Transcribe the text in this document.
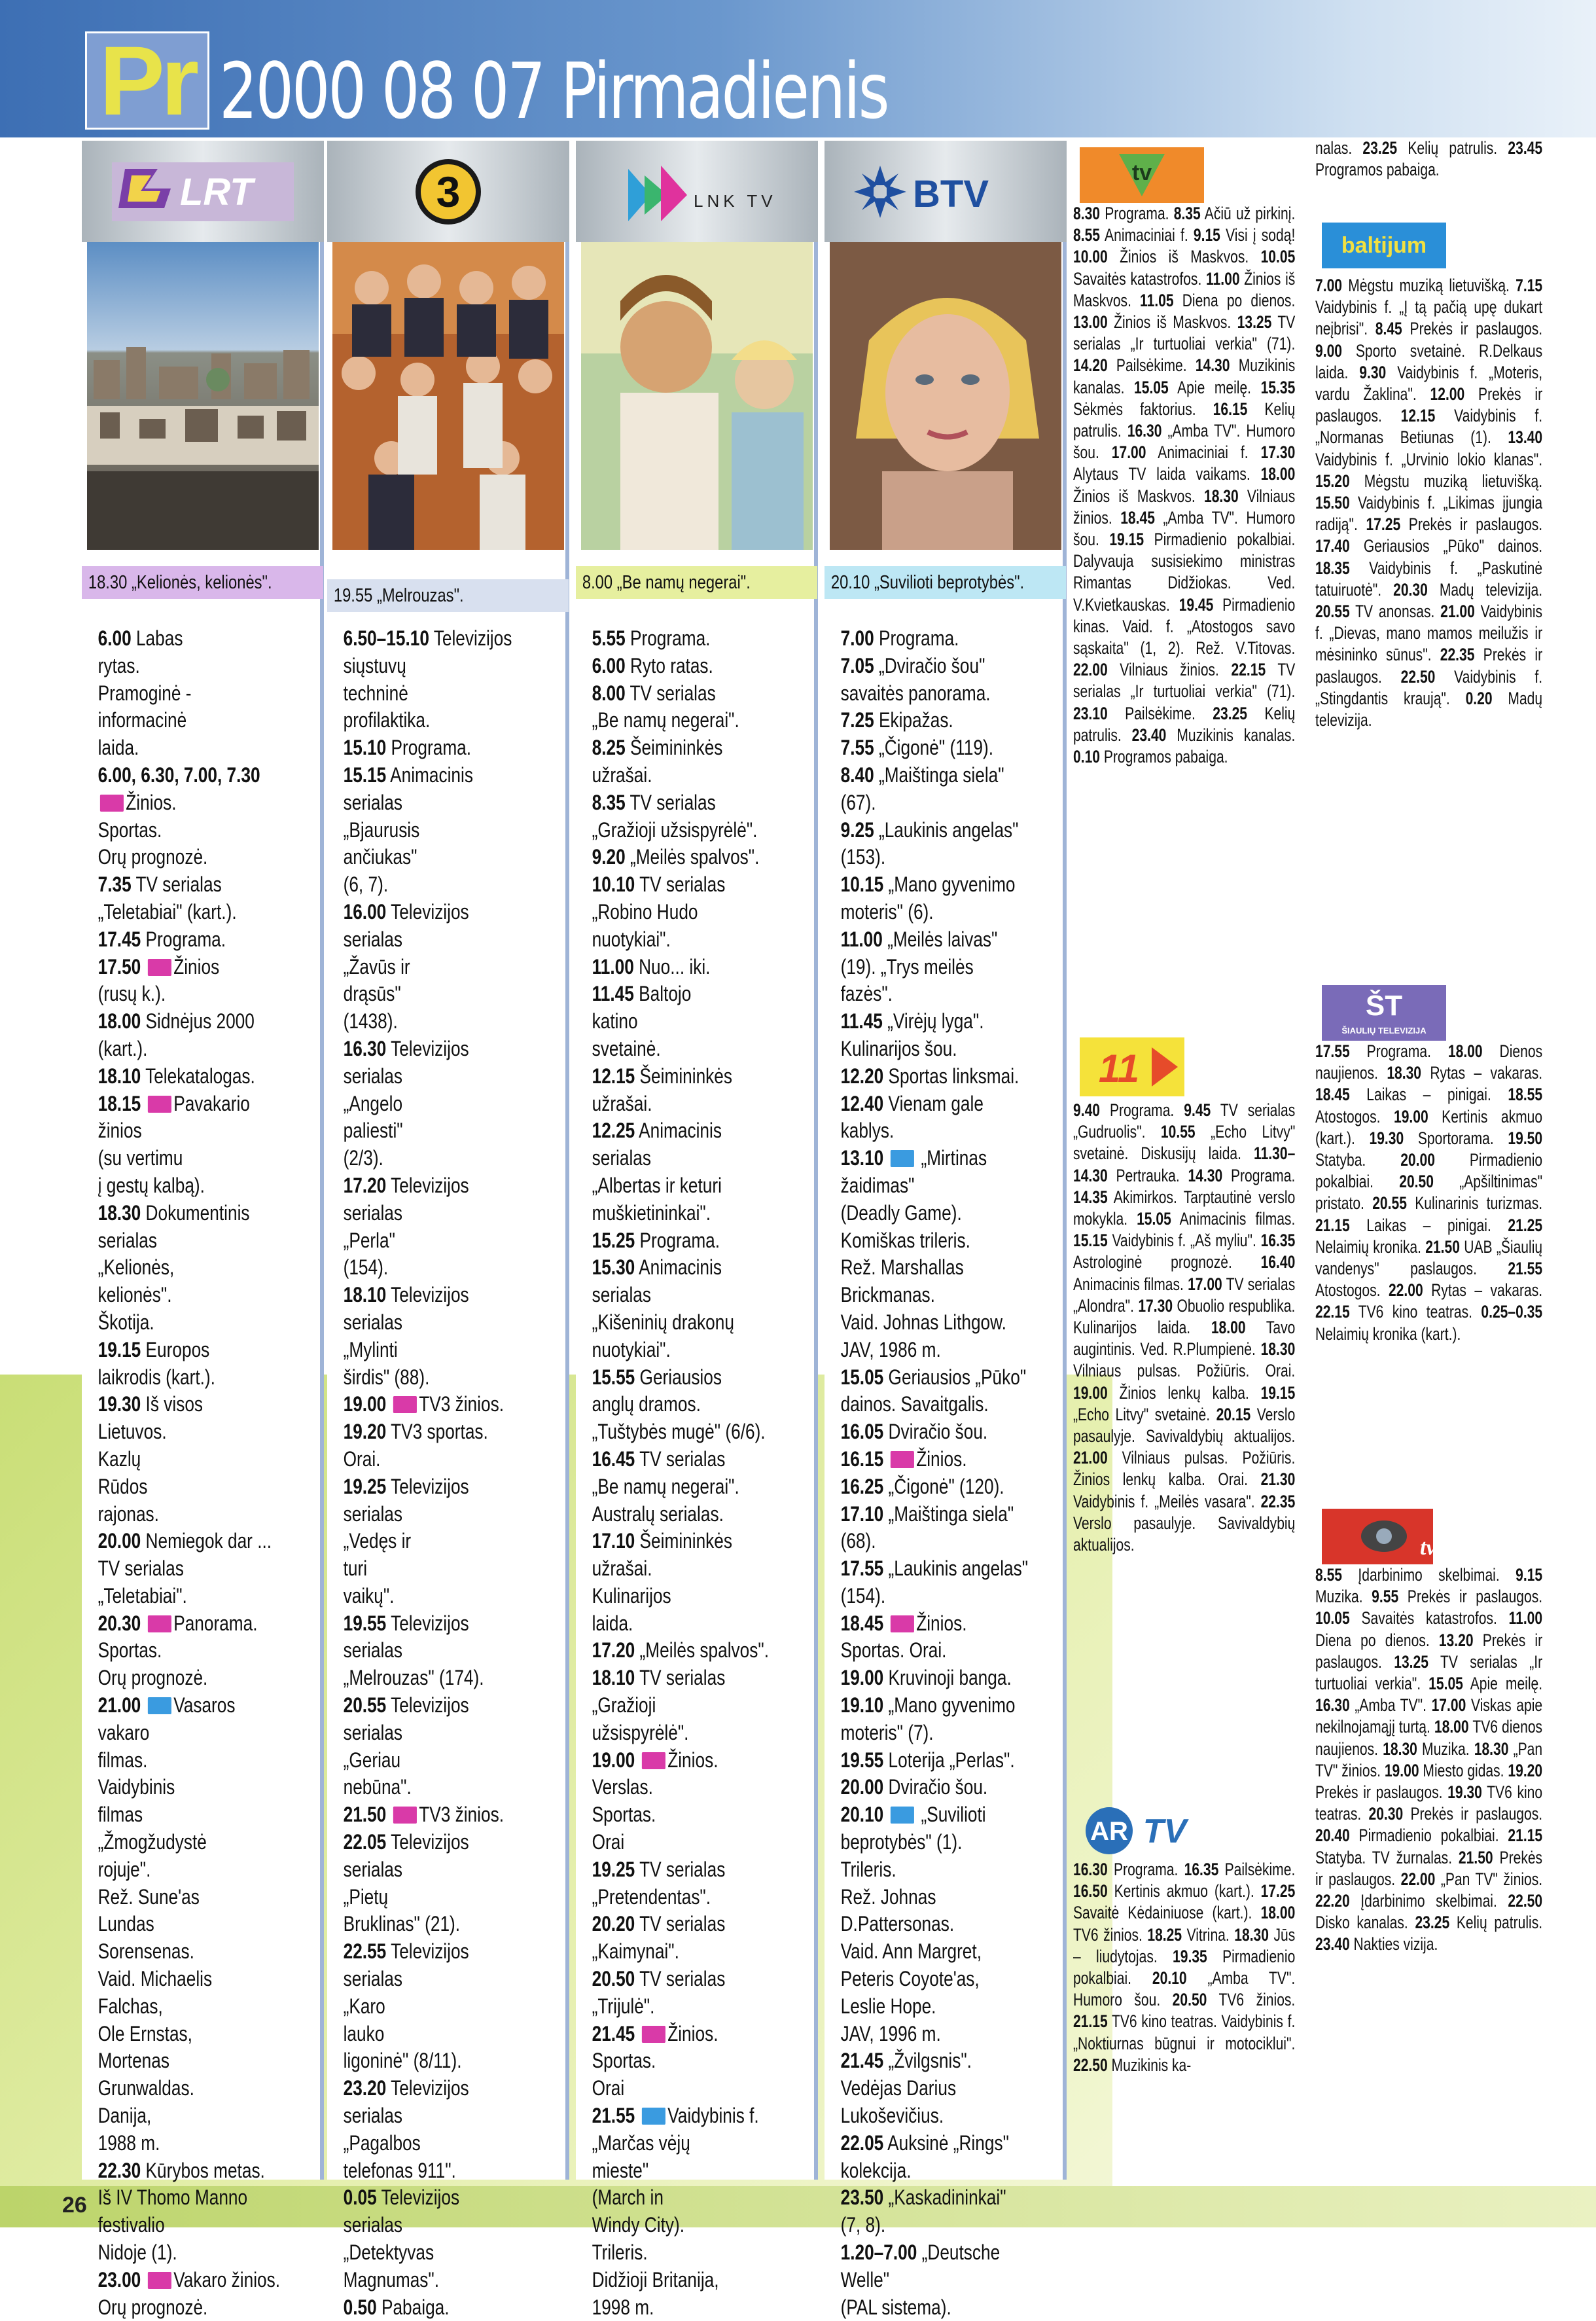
Pr 2000 08 07 Pirmadienis
LRT
18.30 „Kelionės, kelionės".
6.00 Labas
rytas.
Pramoginė -
informacinė
laida.
6.00, 6.30, 7.00, 7.30
Žinios.
Sportas.
Orų prognozė.
7.35 TV serialas
„Teletabiai" (kart.).
17.45 Programa.
17.50 Žinios
(rusų k.).
18.00 Sidnėjus 2000
(kart.).
18.10 Telekatalogas.
18.15 Pavakario
žinios
(su vertimu
į gestų kalbą).
18.30 Dokumentinis
serialas
„Kelionės,
kelionės".
Škotija.
19.15 Europos
laikrodis (kart.).
19.30 Iš visos
Lietuvos.
Kazlų
Rūdos
rajonas.
20.00 Nemiegok dar ...
TV serialas
„Teletabiai".
20.30 Panorama.
Sportas.
Orų prognozė.
21.00 Vasaros
vakaro
filmas.
Vaidybinis
filmas
„Žmogžudystė
rojuje".
Rež. Sune'as
Lundas
Sorensenas.
Vaid. Michaelis
Falchas,
Ole Ernstas,
Mortenas
Grunwaldas.
Danija,
1988 m.
22.30 Kūrybos metas.
Iš IV Thomo Manno
festivalio
Nidoje (1).
23.00 Vakaro žinios.
Orų prognozė.
3
19.55 „Melrouzas".
6.50–15.10 Televizijos
siųstuvų
techninė
profilaktika.
15.10 Programa.
15.15 Animacinis
serialas
„Bjaurusis
ančiukas"
(6, 7).
16.00 Televizijos
serialas
„Žavūs ir
drąsūs"
(1438).
16.30 Televizijos
serialas
„Angelo
paliesti"
(2/3).
17.20 Televizijos
serialas
„Perla"
(154).
18.10 Televizijos
serialas
„Mylinti
širdis" (88).
19.00 TV3 žinios.
19.20 TV3 sportas.
Orai.
19.25 Televizijos
serialas
„Vedęs ir
turi
vaikų".
19.55 Televizijos
serialas
„Melrouzas" (174).
20.55 Televizijos
serialas
„Geriau
nebūna".
21.50 TV3 žinios.
22.05 Televizijos
serialas
„Pietų
Bruklinas" (21).
22.55 Televizijos
serialas
„Karo
lauko
ligoninė" (8/11).
23.20 Televizijos
serialas
„Pagalbos
telefonas 911".
0.05 Televizijos
serialas
„Detektyvas
Magnumas".
0.50 Pabaiga.
LNK TV
8.00 „Be namų negerai".
5.55 Programa.
6.00 Ryto ratas.
8.00 TV serialas
„Be namų negerai".
8.25 Šeimininkės
užrašai.
8.35 TV serialas
„Gražioji užsispyrėlė".
9.20 „Meilės spalvos".
10.10 TV serialas
„Robino Hudo
nuotykiai".
11.00 Nuo... iki.
11.45 Baltojo
katino
svetainė.
12.15 Šeimininkės
užrašai.
12.25 Animacinis
serialas
„Albertas ir keturi
muškietininkai".
15.25 Programa.
15.30 Animacinis
serialas
„Kišeninių drakonų
nuotykiai".
15.55 Geriausios
anglų dramos.
„Tuštybės mugė" (6/6).
16.45 TV serialas
„Be namų negerai".
Australų serialas.
17.10 Šeimininkės
užrašai.
Kulinarijos
laida.
17.20 „Meilės spalvos".
18.10 TV serialas
„Gražioji
užsispyrėlė".
19.00 Žinios.
Verslas.
Sportas.
Orai
19.25 TV serialas
„Pretendentas".
20.20 TV serialas
„Kaimynai".
20.50 TV serialas
„Trijulė".
21.45 Žinios.
Sportas.
Orai
21.55 Vaidybinis f.
„Marčas vėjų
mieste"
(March in
Windy City).
Trileris.
Didžioji Britanija,
1998 m.
BTV
20.10 „Suvilioti beprotybės".
7.00 Programa.
7.05 „Dviračio šou"
savaitės panorama.
7.25 Ekipažas.
7.55 „Čigonė" (119).
8.40 „Maištinga siela"
(67).
9.25 „Laukinis angelas"
(153).
10.15 „Mano gyvenimo
moteris" (6).
11.00 „Meilės laivas"
(19). „Trys meilės
fazės".
11.45 „Virėjų lyga".
Kulinarijos šou.
12.20 Sportas linksmai.
12.40 Vienam gale
kablys.
13.10  „Mirtinas
žaidimas"
(Deadly Game).
Komiškas trileris.
Rež. Marshallas
Brickmanas.
Vaid. Johnas Lithgow.
JAV, 1986 m.
15.05 Geriausios „Pūko"
dainos. Savaitgalis.
16.05 Dviračio šou.
16.15 Žinios.
16.25 „Čigonė" (120).
17.10 „Maištinga siela"
(68).
17.55 „Laukinis angelas"
(154).
18.45 Žinios.
Sportas. Orai.
19.00 Kruvinoji banga.
19.10 „Mano gyvenimo
moteris" (7).
19.55 Loterija „Perlas".
20.00 Dviračio šou.
20.10  „Suvilioti
beprotybės" (1).
Trileris.
Rež. Johnas
D.Pattersonas.
Vaid. Ann Margret,
Peteris Coyote'as,
Leslie Hope.
JAV, 1996 m.
21.45 „Žvilgsnis".
Vedėjas Darius
Lukoševičius.
22.05 Auksinė „Rings"
kolekcija.
23.50 „Kaskadininkai"
(7, 8).
1.20–7.00 „Deutsche
Welle"
(PAL sistema).
tv
8.30 Programa. 8.35 Ačiū už pirkinį. 8.55 Animaciniai f. 9.15 Visi į sodą! 10.00 Žinios iš Maskvos. 10.05 Savaitės katastrofos. 11.00 Žinios iš Maskvos. 11.05 Diena po dienos. 13.00 Žinios iš Maskvos. 13.25 TV serialas „Ir turtuoliai verkia" (71). 14.20 Pailsėkime. 14.30 Muzikinis kanalas. 15.05 Apie meilę. 15.35 Sėkmės faktorius. 16.15 Kelių patrulis. 16.30 „Amba TV". Humoro šou. 17.00 Animaciniai f. 17.30 Alytaus TV laida vaikams. 18.00 Žinios iš Maskvos. 18.30 Vilniaus žinios. 18.45 „Amba TV". Humoro šou. 19.15 Pirmadienio pokalbiai. Dalyvauja susisiekimo ministras Rimantas Didžiokas. Ved. V.Kvietkauskas. 19.45 Pirmadienio kinas. Vaid. f. „Atostogos savo sąskaita" (1, 2). Rež. V.Titovas. 22.00 Vilniaus žinios. 22.15 TV serialas „Ir turtuoliai verkia" (71). 23.10 Pailsėkime. 23.25 Kelių patrulis. 23.40 Muzikinis kanalas. 0.10 Programos pabaiga.
11
9.40 Programa. 9.45 TV serialas „Gudruolis". 10.55 „Echo Litvy" svetainė. Diskusijų laida. 11.30–14.30 Pertrauka. 14.30 Programa. 14.35 Akimirkos. Tarptautinė verslo mokykla. 15.05 Animacinis filmas. 15.15 Vaidybinis f. „Aš myliu". 16.35 Astrologinė prognozė. 16.40 Animacinis filmas. 17.00 TV serialas „Alondra". 17.30 Obuolio respublika. Kulinarijos laida. 18.00 Tavo augintinis. Ved. R.Plumpienė. 18.30 Vilniaus pulsas. Požiūris. Orai. 19.00 Žinios lenkų kalba. 19.15 „Echo Litvy" svetainė. 20.15 Verslo pasaulyje. Savivaldybių aktualijos. 21.00 Vilniaus pulsas. Požiūris. Žinios lenkų kalba. Orai. 21.30 Vaidybinis f. „Meilės vasara". 22.35 Verslo pasaulyje. Savivaldybių aktualijos.
AR TV
16.30 Programa. 16.35 Pailsėkime. 16.50 Kertinis akmuo (kart.). 17.25 Savaitė Kėdainiuose (kart.). 18.00 TV6 žinios. 18.25 Vitrina. 18.30 Jūs – liudytojas. 19.35 Pirmadienio pokalbiai. 20.10 „Amba TV". Humoro šou. 20.50 TV6 žinios. 21.15 TV6 kino teatras. Vaidybinis f. „Noktiurnas būgnui ir motociklui". 22.50 Muzikinis ka-
nalas. 23.25 Kelių patrulis. 23.45 Programos pabaiga.
baltijum
7.00 Mėgstu muziką lietuvišką. 7.15 Vaidybinis f. „Į tą pačią upę dukart neįbrisi". 8.45 Prekės ir paslaugos. 9.00 Sporto svetainė. R.Delkaus laida. 9.30 Vaidybinis f. „Moteris, vardu Žaklina". 12.00 Prekės ir paslaugos. 12.15 Vaidybinis f. „Normanas Betiunas (1). 13.40 Vaidybinis f. „Urvinio lokio klanas". 15.20 Mėgstu muziką lietuvišką. 15.50 Vaidybinis f. „Likimas įjungia radiją". 17.25 Prekės ir paslaugos. 17.40 Geriausios „Pūko" dainos. 18.35 Vaidybinis f. „Paskutinė tatuiruotė". 20.30 Madų televizija. 20.55 TV anonsas. 21.00 Vaidybinis f. „Dievas, mano mamos meilužis ir mėsininko sūnus". 22.35 Prekės ir paslaugos. 22.50 Vaidybinis f. „Stingdantis kraują". 0.20 Madų televizija.
ŠT
ŠIAULIŲ TELEVIZIJA
17.55 Programa. 18.00 Dienos naujienos. 18.30 Rytas – vakaras. 18.45 Laikas – pinigai. 18.55 Atostogos. 19.00 Kertinis akmuo (kart.). 19.30 Sportorama. 19.50 Statyba. 20.00 Pirmadienio pokalbiai. 20.50 „Apšiltinimas" pristato. 20.55 Kulinarinis turizmas. 21.15 Laikas – pinigai. 21.25 Nelaimių kronika. 21.50 UAB „Šiaulių vandenys" paslaugos. 21.55 Atostogos. 22.00 Rytas – vakaras. 22.15 TV6 kino teatras. 0.25–0.35 Nelaimių kronika (kart.).
tv
8.55 Įdarbinimo skelbimai. 9.15 Muzika. 9.55 Prekės ir paslaugos. 10.05 Savaitės katastrofos. 11.00 Diena po dienos. 13.20 Prekės ir paslaugos. 13.25 TV serialas „Ir turtuoliai verkia". 15.05 Apie meilę. 16.30 „Amba TV". 17.00 Viskas apie nekilnojamąjį turtą. 18.00 TV6 dienos naujienos. 18.30 Muzika. 18.30 „Pan TV" žinios. 19.00 Miesto gidas. 19.20 Prekės ir paslaugos. 19.30 TV6 kino teatras. 20.30 Prekės ir paslaugos. 20.40 Pirmadienio pokalbiai. 21.15 Statyba. TV žurnalas. 21.50 Prekės ir paslaugos. 22.00 „Pan TV" žinios. 22.20 Įdarbinimo skelbimai. 22.50 Disko kanalas. 23.25 Kelių patrulis. 23.40 Nakties vizija.
26
